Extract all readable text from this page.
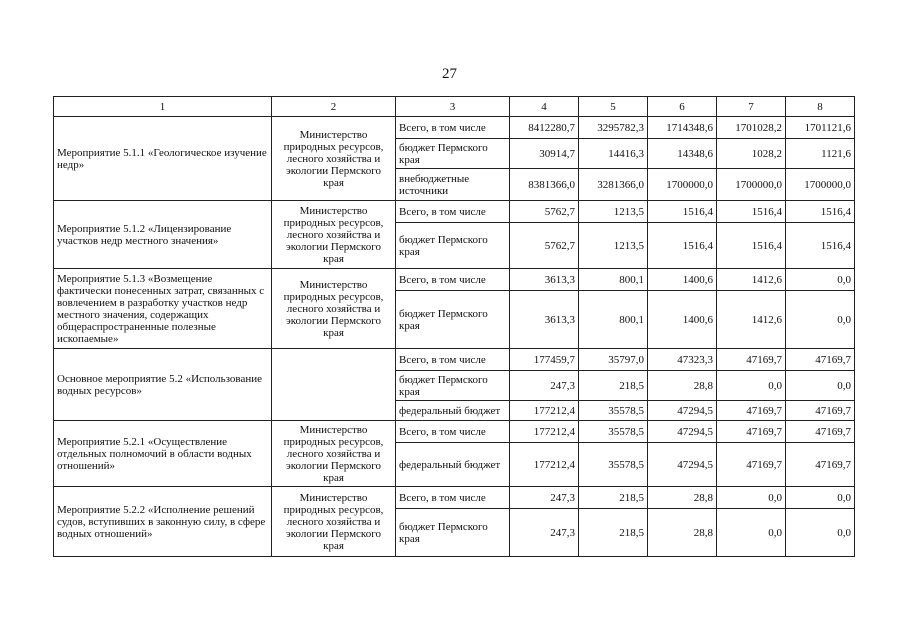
27
1	2	3	4	5	6	7	8
Мероприятие 5.1.1 «Геологическое изучение недр»	Министерство природных ресурсов, лесного хозяйства и экологии Пермского края	Всего, в том числе	8412280,7	3295782,3	1714348,6	1701028,2	1701121,6
		бюджет Пермского края	30914,7	14416,3	14348,6	1028,2	1121,6
		внебюджетные источники	8381366,0	3281366,0	1700000,0	1700000,0	1700000,0
Мероприятие 5.1.2 «Лицензирование участков недр местного значения»	Министерство природных ресурсов, лесного хозяйства и экологии Пермского края	Всего, в том числе	5762,7	1213,5	1516,4	1516,4	1516,4
		бюджет Пермского края	5762,7	1213,5	1516,4	1516,4	1516,4
Мероприятие 5.1.3 «Возмещение фактически понесенных затрат, связанных с вовлечением в разработку участков недр местного значения, содержащих общераспространенные полезные ископаемые»	Министерство природных ресурсов, лесного хозяйства и экологии Пермского края	Всего, в том числе	3613,3	800,1	1400,6	1412,6	0,0
		бюджет Пермского края	3613,3	800,1	1400,6	1412,6	0,0
Основное мероприятие 5.2 «Использование водных ресурсов»		Всего, в том числе	177459,7	35797,0	47323,3	47169,7	47169,7
		бюджет Пермского края	247,3	218,5	28,8	0,0	0,0
		федеральный бюджет	177212,4	35578,5	47294,5	47169,7	47169,7
Мероприятие 5.2.1 «Осуществление отдельных полномочий в области водных отношений»	Министерство природных ресурсов, лесного хозяйства и экологии Пермского края	Всего, в том числе	177212,4	35578,5	47294,5	47169,7	47169,7
		федеральный бюджет	177212,4	35578,5	47294,5	47169,7	47169,7
Мероприятие 5.2.2 «Исполнение решений судов, вступивших в законную силу, в сфере водных отношений»	Министерство природных ресурсов, лесного хозяйства и экологии Пермского края	Всего, в том числе	247,3	218,5	28,8	0,0	0,0
		бюджет Пермского края	247,3	218,5	28,8	0,0	0,0
